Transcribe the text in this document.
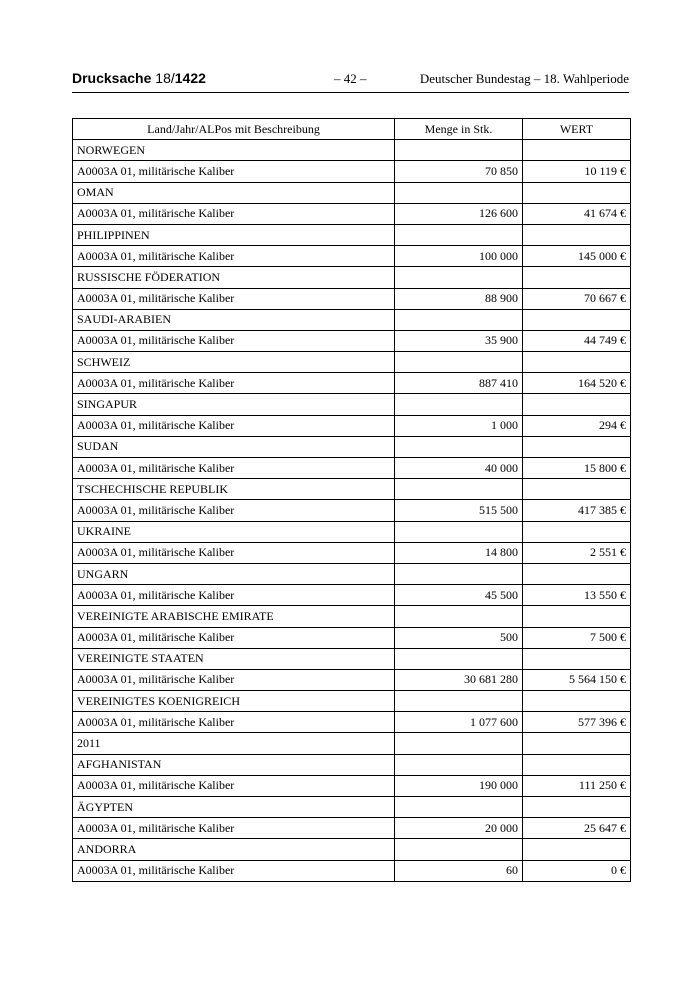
Drucksache 18/1422	– 42 –	Deutscher Bundestag – 18. Wahlperiode
Land/Jahr/ALPos mit Beschreibung	Menge in Stk.	WERT
NORWEGEN		
A0003A 01, militärische Kaliber	70 850	10 119 €
OMAN		
A0003A 01, militärische Kaliber	126 600	41 674 €
PHILIPPINEN		
A0003A 01, militärische Kaliber	100 000	145 000 €
RUSSISCHE FÖDERATION		
A0003A 01, militärische Kaliber	88 900	70 667 €
SAUDI-ARABIEN		
A0003A 01, militärische Kaliber	35 900	44 749 €
SCHWEIZ		
A0003A 01, militärische Kaliber	887 410	164 520 €
SINGAPUR		
A0003A 01, militärische Kaliber	1 000	294 €
SUDAN		
A0003A 01, militärische Kaliber	40 000	15 800 €
TSCHECHISCHE REPUBLIK		
A0003A 01, militärische Kaliber	515 500	417 385 €
UKRAINE		
A0003A 01, militärische Kaliber	14 800	2 551 €
UNGARN		
A0003A 01, militärische Kaliber	45 500	13 550 €
VEREINIGTE ARABISCHE EMIRATE		
A0003A 01, militärische Kaliber	500	7 500 €
VEREINIGTE STAATEN		
A0003A 01, militärische Kaliber	30 681 280	5 564 150 €
VEREINIGTES KOENIGREICH		
A0003A 01, militärische Kaliber	1 077 600	577 396 €
2011		
AFGHANISTAN		
A0003A 01, militärische Kaliber	190 000	111 250 €
ÄGYPTEN		
A0003A 01, militärische Kaliber	20 000	25 647 €
ANDORRA		
A0003A 01, militärische Kaliber	60	0 €
